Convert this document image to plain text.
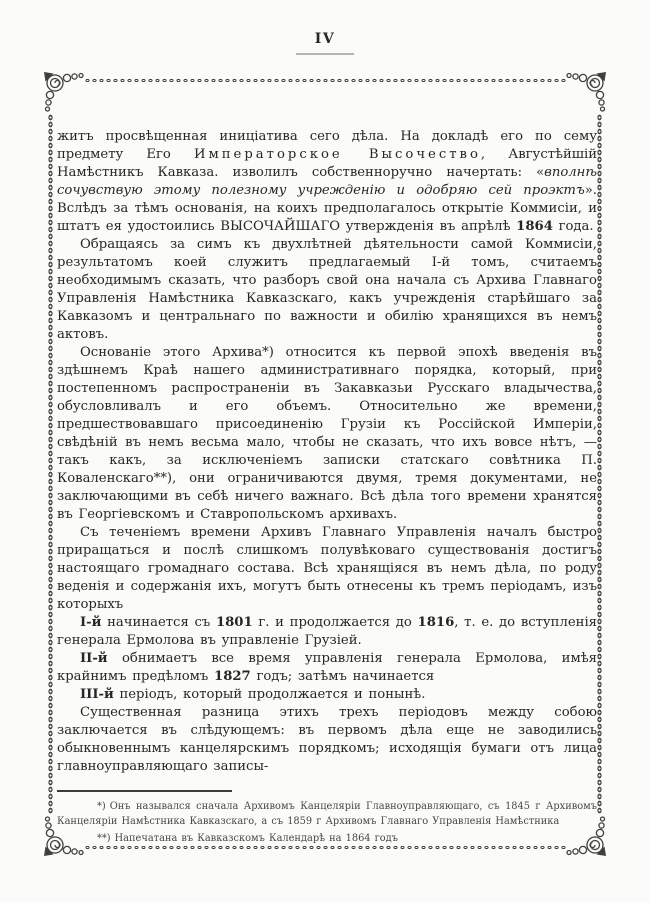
IV

житъ просвѣщенная иниціатива сего дѣла. На докладѣ его по сему предмету Его Императорское Высочество, Августѣйшій Намѣстникъ Кавказа. изволилъ собственноручно начертать: «вполнѣ сочувствую этому полезному учрежденію и одобряю сей проэктъ». Вслѣдъ за тѣмъ основанія, на коихъ предполагалось открытіе Коммисіи, и штатъ ея удостоились ВЫСОЧАЙШАГО утвержденія въ апрѣлѣ 1864 года.

Обращаясь за симъ къ двухлѣтней дѣятельности самой Коммисіи, результатомъ коей служитъ предлагаемый I-й томъ, считаемъ необходимымъ сказать, что разборъ свой она начала съ Архива Главнаго Управленія Намѣстника Кавказскаго, какъ учрежденія старѣйшаго за Кавказомъ и центральнаго по важности и обилію хранящихся въ немъ актовъ.

Основаніе этого Архива*) относится къ первой эпохѣ введенія въ здѣшнемъ Краѣ нашего административнаго порядка, который, при постепенномъ распространеніи въ Закавказьи Русскаго владычества, обусловливалъ и его объемъ. Относительно же времени, предшествовавшаго присоединенію Грузіи къ Россійской Имперіи, свѣдѣній въ немъ весьма мало, чтобы не сказать, что ихъ вовсе нѣтъ, — такъ какъ, за исключеніемъ записки статскаго совѣтника П. Коваленскаго**), они ограничиваются двумя, тремя документами, не заключающими въ себѣ ничего важнаго. Всѣ дѣла того времени хранятся въ Георгіевскомъ и Ставропольскомъ архивахъ.

Съ теченіемъ времени Архивъ Главнаго Управленія началъ быстро приращаться и послѣ слишкомъ полувѣковаго существованія достигъ настоящаго громаднаго состава. Всѣ хранящіяся въ немъ дѣла, по роду веденія и содержанія ихъ, могутъ быть отнесены къ тремъ періодамъ, изъ которыхъ

I-й начинается съ 1801 г. и продолжается до 1816, т. е. до вступленія генерала Ермолова въ управленіе Грузіей.

II-й обнимаетъ все время управленія генерала Ермолова, имѣя крайнимъ предѣломъ 1827 годъ; затѣмъ начинается

III-й періодъ, который продолжается и понынѣ.

Существенная разница этихъ трехъ періодовъ между собою заключается въ слѣдующемъ: въ первомъ дѣла еще не заводились обыкновеннымъ канцелярскимъ порядкомъ; исходящія бумаги отъ лица главноуправляющаго записы-

*) Онъ назывался сначала Архивомъ Канцеляріи Главноуправляющаго, съ 1845 г Архивомъ Канцеляріи Намѣстника Кавказскаго, а съ 1859 г Архивомъ Главнаго Управленія Намѣстника

**) Напечатана въ Кавказскомъ Календарѣ на 1864 годъ
